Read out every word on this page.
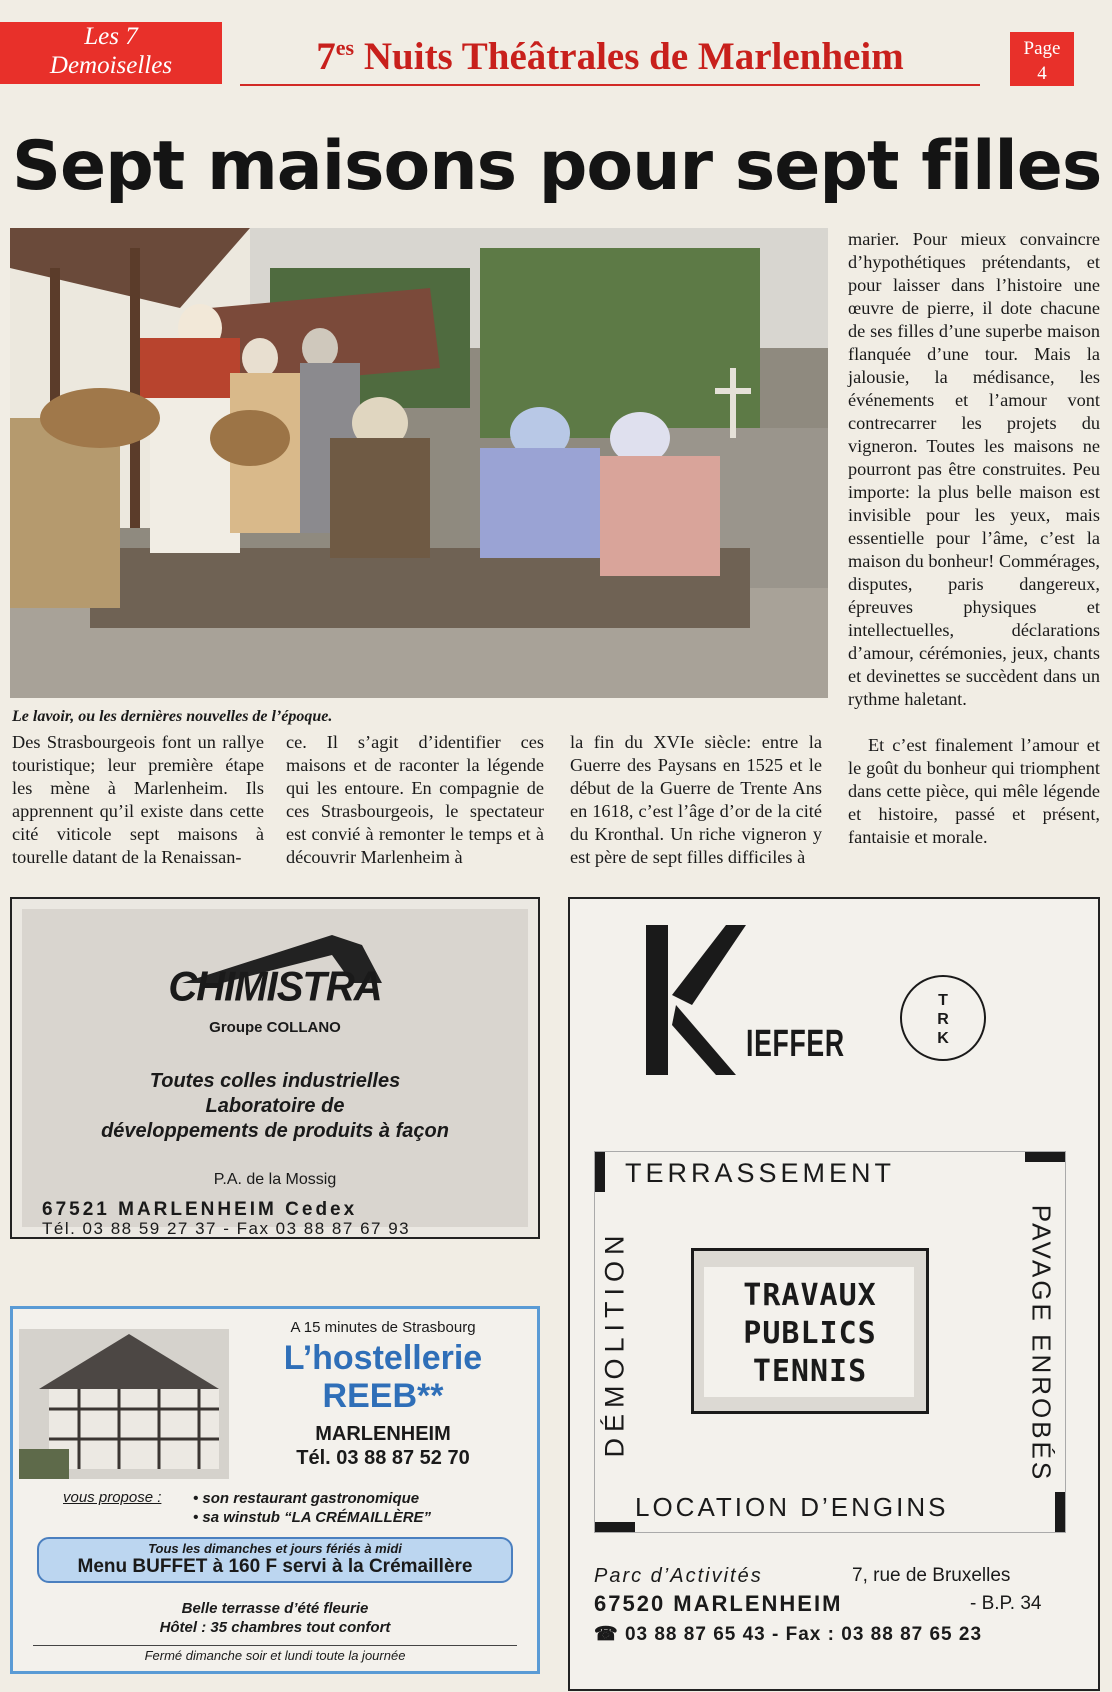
Les 7
Demoiselles	$7^{es}$ Nuits Théâtrales de Marlenheim	Page
4
Sept maisons pour sept filles
Le lavoir, ou les dernières nouvelles de l’époque.

Des Strasbourgeois font un rallye touristique; leur première étape les mène à Marlenheim. Ils apprennent qu’il existe dans cette cité viticole sept maisons à tourelle datant de la Renaissan-

ce. Il s’agit d’identifier ces maisons et de raconter la légende qui les entoure. En compagnie de ces Strasbourgeois, le spectateur est convié à remonter le temps et à découvrir Marlenheim à

la fin du XVIe siècle: entre la Guerre des Paysans en 1525 et le début de la Guerre de Trente Ans en 1618, c’est l’âge d’or de la cité du Kronthal. Un riche vigneron y est père de sept filles difficiles à

marier. Pour mieux convaincre d’hypothétiques prétendants, et pour laisser dans l’histoire une œuvre de pierre, il dote chacune de ses filles d’une superbe maison flanquée d’une tour. Mais la jalousie, la médisance, les événements et l’amour vont contrecarrer les projets du vigneron. Toutes les maisons ne pourront pas être construites. Peu importe: la plus belle maison est invisible pour les yeux, mais essentielle pour l’âme, c’est la maison du bonheur! Commérages, disputes, paris dangereux, épreuves physiques et intellectuelles, déclarations d’amour, cérémonies, jeux, chants et devinettes se succèdent dans un rythme haletant.

Et c’est finalement l’amour et le goût du bonheur qui triomphent dans cette pièce, qui mêle légende et histoire, passé et présent, fantaisie et morale.

CHIMISTRA
Groupe COLLANO
Toutes colles industrielles
Laboratoire de
développements de produits à façon
P.A. de la Mossig
67521 MARLENHEIM Cedex
Tél. 03 88 59 27 37 - Fax 03 88 87 67 93
A 15 minutes de Strasbourg
L’hostellerie
REEB**
MARLENHEIM
Tél. 03 88 87 52 70
vous propose : • son restaurant gastronomique
• sa winstub “LA CRÉMAILLÈRE”
Tous les dimanches et jours fériés à midi
Menu BUFFET à 160 F servi à la Crémaillère
Belle terrasse d’été fleurie
Hôtel : 35 chambres tout confort
Fermé dimanche soir et lundi toute la journée
IEFFER
T
R
K
TERRASSEMENT
DÉMOLITION	PAVAGE ENROBÉS
TRAVAUX
PUBLICS
TENNIS
LOCATION D’ENGINS
Parc d’Activités	7, rue de Bruxelles
67520 MARLENHEIM	- B.P. 34
☎ 03 88 87 65 43 - Fax : 03 88 87 65 23
